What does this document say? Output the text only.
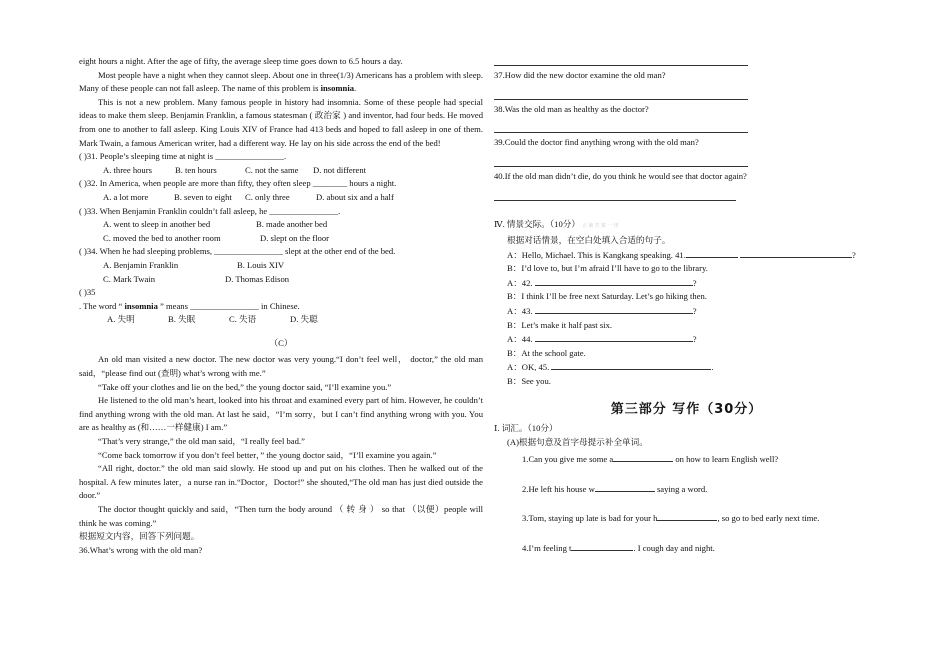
eight hours a night. After the age of fifty, the average sleep time goes down to 6.5 hours a day.

Most people have a night when they cannot sleep. About one in three(1/3) Americans has a problem with sleep. Many of these people can not fall asleep. The name of this problem is insomnia.

This is not a new problem. Many famous people in history had insomnia. Some of these people had special ideas to make them sleep. Benjamin Franklin, a famous statesman ( 政治家 ) and inventor, had four beds. He moved from one to another to fall asleep. King Louis XIV of France had 413 beds and hoped to fall asleep in one of them. Mark Twain, a famous American writer, had a different way. He lay on his side across the end of the bed!

( )31. People’s sleeping time at night is ________________.

A. three hours	B. ten hours	C. not the same D. not different

( )32. In America, when people are more than fifty, they often sleep ________ hours a night.

A. a lot more	B. seven to eight C. only three	D. about six and a half

( )33. When Benjamin Franklin couldn’t fall asleep, he ________________.

A. went to sleep in another bed	B. made another bed

C. moved the bed to another room	D. slept on the floor

( )34. When he had sleeping problems, ________________ slept at the other end of the bed.

A. Benjamin Franklin	B. Louis XIV

C. Mark Twain	D. Thomas Edison

( )35

. The word “ insomnia ” means ________________ in Chinese.

A. 失明	B. 失眠	C. 失语	D. 失聪

（C）

An old man visited a new doctor. The new doctor was very young.“I don’t feel well， doctor,” the old man said，“please find out (查明) what’s wrong with me.”

“Take off your clothes and lie on the bed,” the young doctor said, “I’ll examine you.”

He listened to the old man’s heart, looked into his throat and examined every part of him. However, he couldn’t find anything wrong with the old man. At last he said，“I’m sorry，but I can’t find anything wrong with you. You are as healthy as (和……一样健康) I am.”

“That’s very strange,” the old man said，“I really feel bad.”

“Come back tomorrow if you don’t feel better，” the young doctor said，“I’ll examine you again.”

“All right, doctor.” the old man said slowly. He stood up and put on his clothes. Then he walked out of the hospital. A few minutes later，a nurse ran in.“Doctor，Doctor!” she shouted,“The old man has just died outside the door.”

The doctor thought quickly and said，“Then turn the body around （ 转 身 ） so that （以便）people will think he was coming.”

根据短文内容，回答下列问题。

36.What’s wrong with the old man?

37.How did the new doctor examine the old man?

38.Was the old man as healthy as the doctor?

39.Could the doctor find anything wrong with the old man?

40.If the old man didn’t die, do you think he would see that doctor again?

Ⅳ. 情景交际。（10分） 正 确 答 案 一 律

根据对话情景，在空白处填入合适的句子。

A：Hello, Michael. This is Kangkang speaking. 41.	?

B：I’d love to, but I’m afraid I’ll have to go to the library.

A：42.	?

B：I think I’ll be free next Saturday. Let’s go hiking then.

A：43.	?

B：Let’s make it half past six.

A：44.	?

B：At the school gate.

A：OK, 45.	.

B：See you.

第三部分 写作（30分）

Ⅰ. 词汇。（10分）

(A)根据句意及首字母提示补全单词。

1.Can you give me some a	on how to learn English well?

2.He left his house w	saying a word.

3.Tom, staying up late is bad for your h	, so go to bed early next time.

4.I’m feeling t	. I cough day and night.
